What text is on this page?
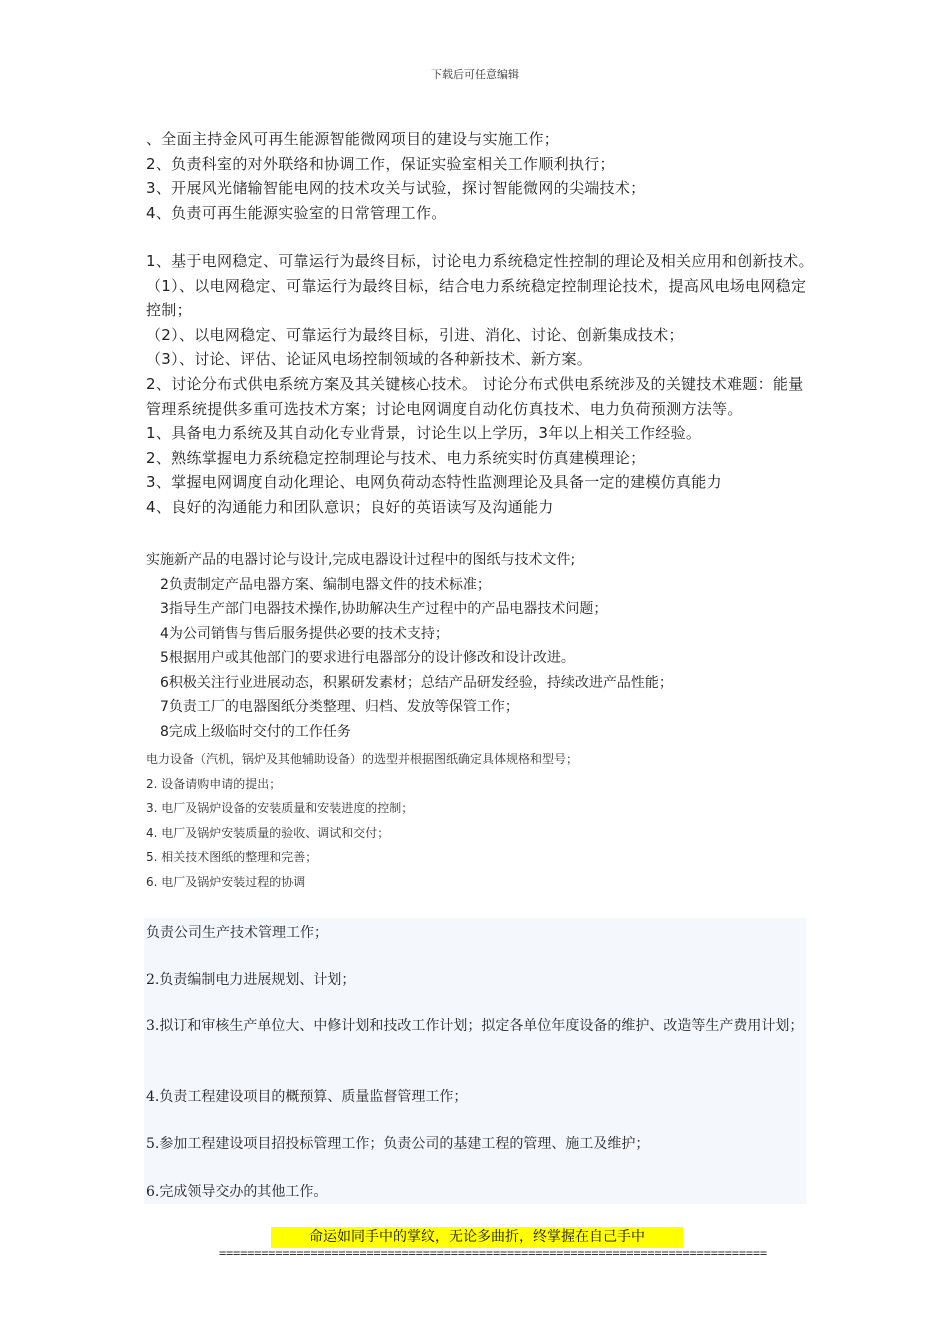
下载后可任意编辑

、全面主持金风可再生能源智能微网项目的建设与实施工作；

2、负责科室的对外联络和协调工作，保证实验室相关工作顺利执行；

3、开展风光储输智能电网的技术攻关与试验，探讨智能微网的尖端技术；

4、负责可再生能源实验室的日常管理工作。

1、基于电网稳定、可靠运行为最终目标，讨论电力系统稳定性控制的理论及相关应用和创新技术。 （1）、以电网稳定、可靠运行为最终目标，结合电力系统稳定控制理论技术，提高风电场电网稳定控制；

（2）、以电网稳定、可靠运行为最终目标，引进、消化、讨论、创新集成技术；

（3）、讨论、评估、论证风电场控制领域的各种新技术、新方案。

2、讨论分布式供电系统方案及其关键核心技术。 讨论分布式供电系统涉及的关键技术难题：能量管理系统提供多重可选技术方案；讨论电网调度自动化仿真技术、电力负荷预测方法等。

1、具备电力系统及其自动化专业背景，讨论生以上学历，3年以上相关工作经验。

2、熟练掌握电力系统稳定控制理论与技术、电力系统实时仿真建模理论；

3、掌握电网调度自动化理论、电网负荷动态特性监测理论及具备一定的建模仿真能力

4、良好的沟通能力和团队意识；良好的英语读写及沟通能力

实施新产品的电器讨论与设计,完成电器设计过程中的图纸与技术文件;

2负责制定产品电器方案、编制电器文件的技术标准；

3指导生产部门电器技术操作,协助解决生产过程中的产品电器技术问题；

4为公司销售与售后服务提供必要的技术支持；

5根据用户或其他部门的要求进行电器部分的设计修改和设计改进。

6积极关注行业进展动态，积累研发素材；总结产品研发经验，持续改进产品性能；

7负责工厂的电器图纸分类整理、归档、发放等保管工作；

8完成上级临时交付的工作任务

电力设备（汽机，锅炉及其他辅助设备）的选型并根据图纸确定具体规格和型号；

2. 设备请购申请的提出；

3. 电厂及锅炉设备的安装质量和安装进度的控制；

4. 电厂及锅炉安装质量的验收、调试和交付；

5. 相关技术图纸的整理和完善；

6. 电厂及锅炉安装过程的协调

负责公司生产技术管理工作；

2.负责编制电力进展规划、计划；

3.拟订和审核生产单位大、中修计划和技改工作计划；拟定各单位年度设备的维护、改造等生产费用计划；

4.负责工程建设项目的概预算、质量监督管理工作；

5.参加工程建设项目招投标管理工作；负责公司的基建工程的管理、施工及维护；

6.完成领导交办的其他工作。

命运如同手中的掌纹，无论多曲折，终掌握在自己手中
==============================================================================
